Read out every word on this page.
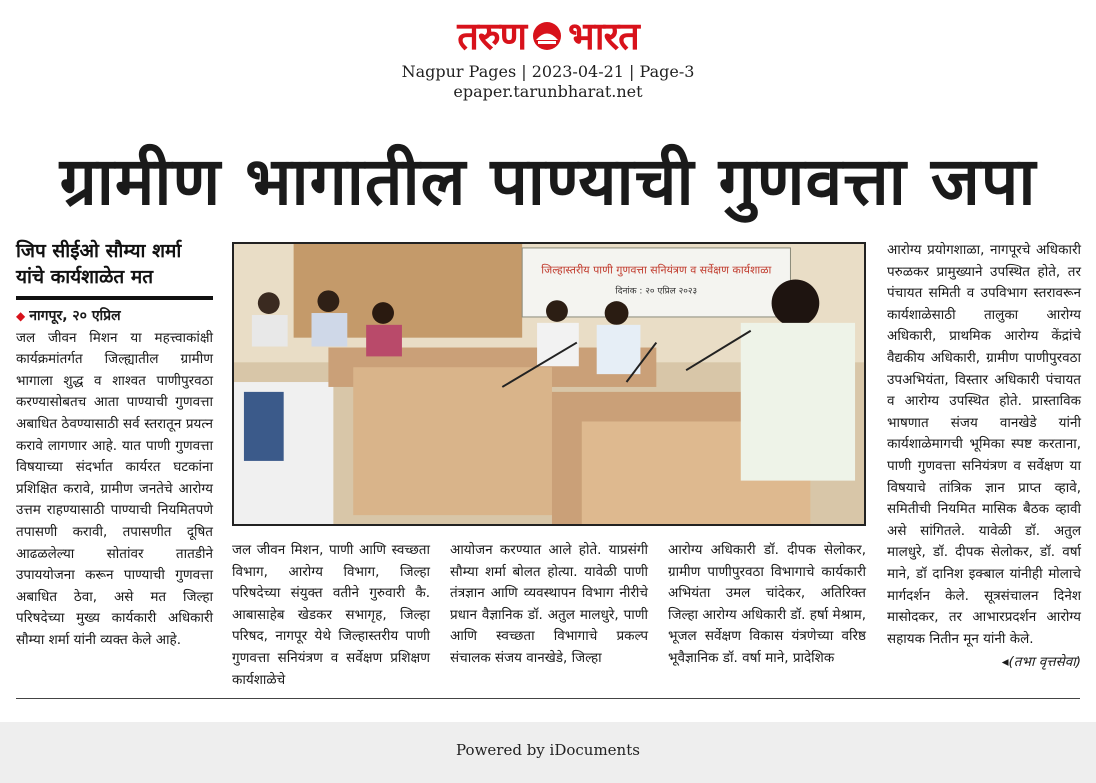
तरुण भारत
Nagpur Pages | 2023-04-21 | Page-3
epaper.tarunbharat.net
ग्रामीण भागातील पाण्याची गुणवत्ता जपा
जिप सीईओ सौम्या शर्मा यांचे कार्यशाळेत मत
◆ नागपूर, २० एप्रिल
जल जीवन मिशन या महत्त्वाकांक्षी कार्यक्रमांतर्गत जिल्ह्यातील ग्रामीण भागाला शुद्ध व शाश्वत पाणीपुरवठा करण्यासोबतच आता पाण्याची गुणवत्ता अबाधित ठेवण्यासाठी सर्व स्तरातून प्रयत्न करावे लागणार आहे. यात पाणी गुणवत्ता विषयाच्या संदर्भात कार्यरत घटकांना प्रशिक्षित करावे, ग्रामीण जनतेचे आरोग्य उत्तम राहण्यासाठी पाण्याची नियमितपणे तपासणी करावी, तपासणीत दूषित आढळलेल्या सोतांवर तातडीने उपाययोजना करून पाण्याची गुणवत्ता अबाधित ठेवा, असे मत जिल्हा परिषदेच्या मुख्य कार्यकारी अधिकारी सौम्या शर्मा यांनी व्यक्त केले आहे.
जिल्हास्तरीय पाणी गुणवत्ता सनियंत्रण व सर्वेक्षण कार्यशाळा
दिनांक : २० एप्रिल २०२३
जल जीवन मिशन, पाणी आणि स्वच्छता विभाग, आरोग्य विभाग, जिल्हा परिषदेच्या संयुक्त वतीने गुरुवारी कै. आबासाहेब खेडकर सभागृह, जिल्हा परिषद, नागपूर येथे जिल्हास्तरीय पाणी गुणवत्ता सनियंत्रण व सर्वेक्षण प्रशिक्षण कार्यशाळेचे
आयोजन करण्यात आले होते. याप्रसंगी सौम्या शर्मा बोलत होत्या. यावेळी पाणी तंत्रज्ञान आणि व्यवस्थापन विभाग नीरीचे प्रधान वैज्ञानिक डॉ. अतुल मालधुरे, पाणी आणि स्वच्छता विभागाचे प्रकल्प संचालक संजय वानखेडे, जिल्हा
आरोग्य अधिकारी डॉ. दीपक सेलोकर, ग्रामीण पाणीपुरवठा विभागाचे कार्यकारी अभियंता उमल चांदेकर, अतिरिक्त जिल्हा आरोग्य अधिकारी डॉ. हर्षा मेश्राम, भूजल सर्वेक्षण विकास यंत्रणेच्या वरिष्ठ भूवैज्ञानिक डॉ. वर्षा माने, प्रादेशिक
आरोग्य प्रयोगशाळा, नागपूरचे अधिकारी परुळकर प्रामुख्याने उपस्थित होते, तर पंचायत समिती व उपविभाग स्तरावरून कार्यशाळेसाठी तालुका आरोग्य अधिकारी, प्राथमिक आरोग्य केंद्रांचे वैद्यकीय अधिकारी, ग्रामीण पाणीपुरवठा उपअभियंता, विस्तार अधिकारी पंचायत व आरोग्य उपस्थित होते. प्रास्ताविक भाषणात संजय वानखेडे यांनी कार्यशाळेमागची भूमिका स्पष्ट करताना, पाणी गुणवत्ता सनियंत्रण व सर्वेक्षण या विषयाचे तांत्रिक ज्ञान प्राप्त व्हावे, समितीची नियमित मासिक बैठक व्हावी असे सांगितले. यावेळी डॉ. अतुल मालधुरे, डॉ. दीपक सेलोकर, डॉ. वर्षा माने, डॉ दानिश इक्बाल यांनीही मोलाचे मार्गदर्शन केले. सूत्रसंचालन दिनेश मासोदकर, तर आभारप्रदर्शन आरोग्य सहायक नितीन मून यांनी केले.
◂(तभा वृत्तसेवा)
Powered by iDocuments
